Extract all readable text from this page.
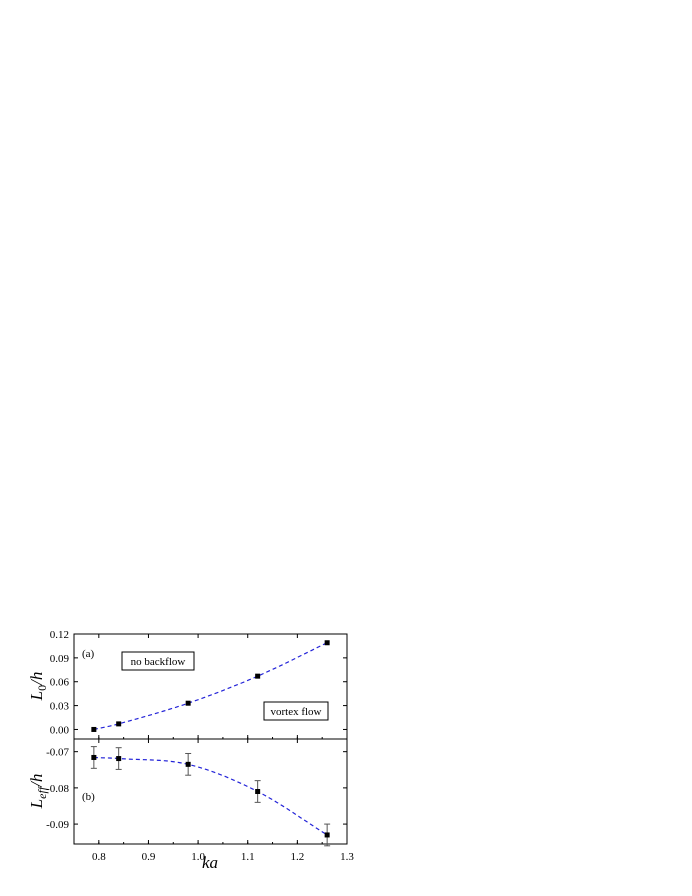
(a)
(b)
no backflow
vortex flow
$L_0/h$
$L_{eff}/h$
ka
0.8	0.9	1.0	1.1	1.2	1.3
0.00
0.03
0.06
0.09
0.12
-0.07
-0.08
-0.09
